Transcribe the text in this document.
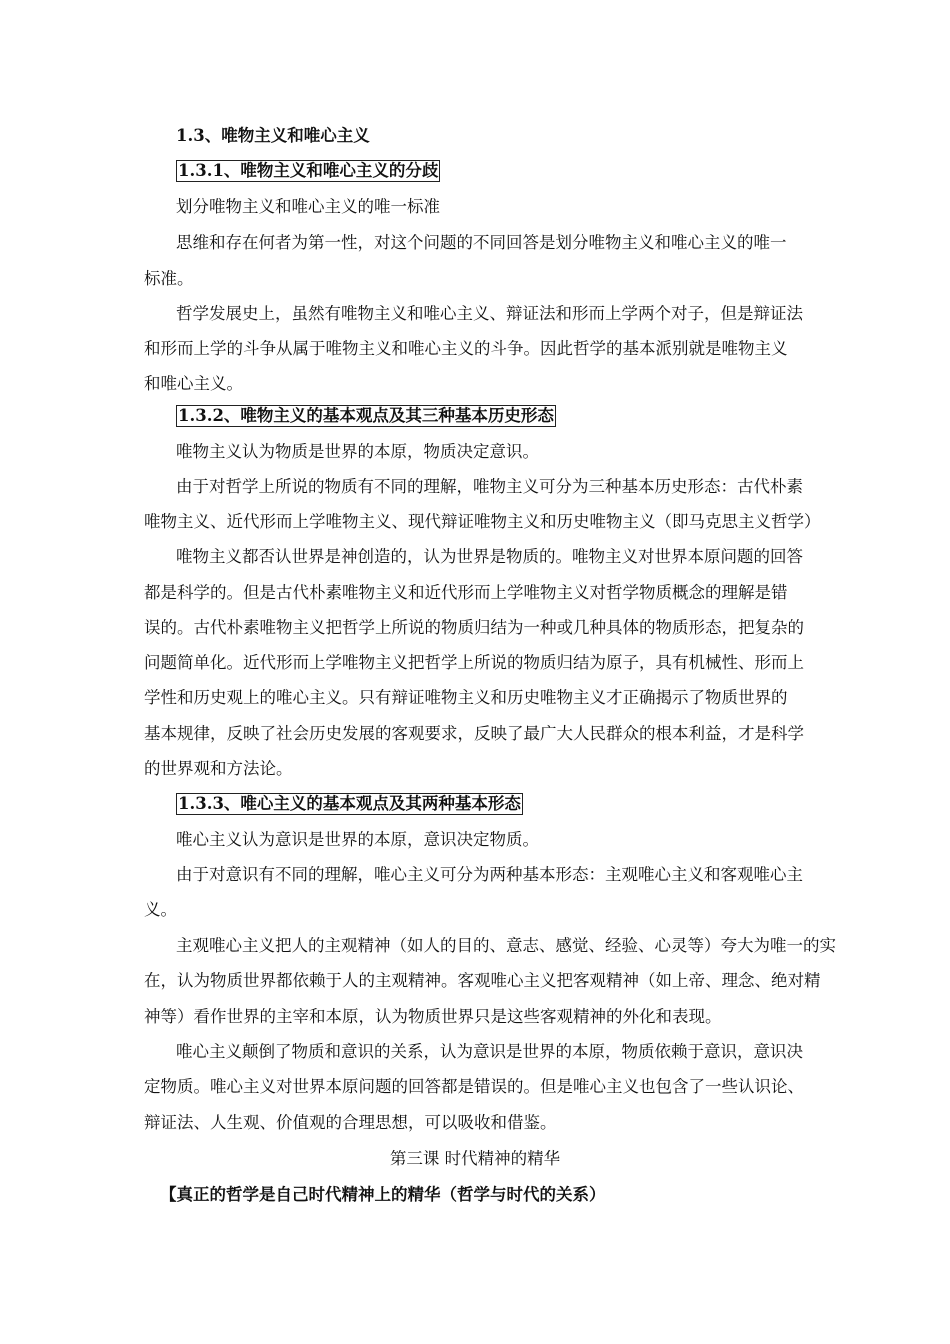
1.3、唯物主义和唯心主义
1.3.1、唯物主义和唯心主义的分歧
划分唯物主义和唯心主义的唯一标准
思维和存在何者为第一性，对这个问题的不同回答是划分唯物主义和唯心主义的唯一
标准。
哲学发展史上，虽然有唯物主义和唯心主义、辩证法和形而上学两个对子，但是辩证法
和形而上学的斗争从属于唯物主义和唯心主义的斗争。因此哲学的基本派别就是唯物主义
和唯心主义。
1.3.2、唯物主义的基本观点及其三种基本历史形态
唯物主义认为物质是世界的本原，物质决定意识。
由于对哲学上所说的物质有不同的理解，唯物主义可分为三种基本历史形态：古代朴素
唯物主义、近代形而上学唯物主义、现代辩证唯物主义和历史唯物主义（即马克思主义哲学）
唯物主义都否认世界是神创造的，认为世界是物质的。唯物主义对世界本原问题的回答
都是科学的。但是古代朴素唯物主义和近代形而上学唯物主义对哲学物质概念的理解是错
误的。古代朴素唯物主义把哲学上所说的物质归结为一种或几种具体的物质形态，把复杂的
问题简单化。近代形而上学唯物主义把哲学上所说的物质归结为原子，具有机械性、形而上
学性和历史观上的唯心主义。只有辩证唯物主义和历史唯物主义才正确揭示了物质世界的
基本规律，反映了社会历史发展的客观要求，反映了最广大人民群众的根本利益，才是科学
的世界观和方法论。
1.3.3、唯心主义的基本观点及其两种基本形态
唯心主义认为意识是世界的本原，意识决定物质。
由于对意识有不同的理解，唯心主义可分为两种基本形态：主观唯心主义和客观唯心主
义。
主观唯心主义把人的主观精神（如人的目的、意志、感觉、经验、心灵等）夸大为唯一的实
在，认为物质世界都依赖于人的主观精神。客观唯心主义把客观精神（如上帝、理念、绝对精
神等）看作世界的主宰和本原，认为物质世界只是这些客观精神的外化和表现。
唯心主义颠倒了物质和意识的关系，认为意识是世界的本原，物质依赖于意识，意识决
定物质。唯心主义对世界本原问题的回答都是错误的。但是唯心主义也包含了一些认识论、
辩证法、人生观、价值观的合理思想，可以吸收和借鉴。
第三课 时代精神的精华
【真正的哲学是自己时代精神上的精华（哲学与时代的关系）
